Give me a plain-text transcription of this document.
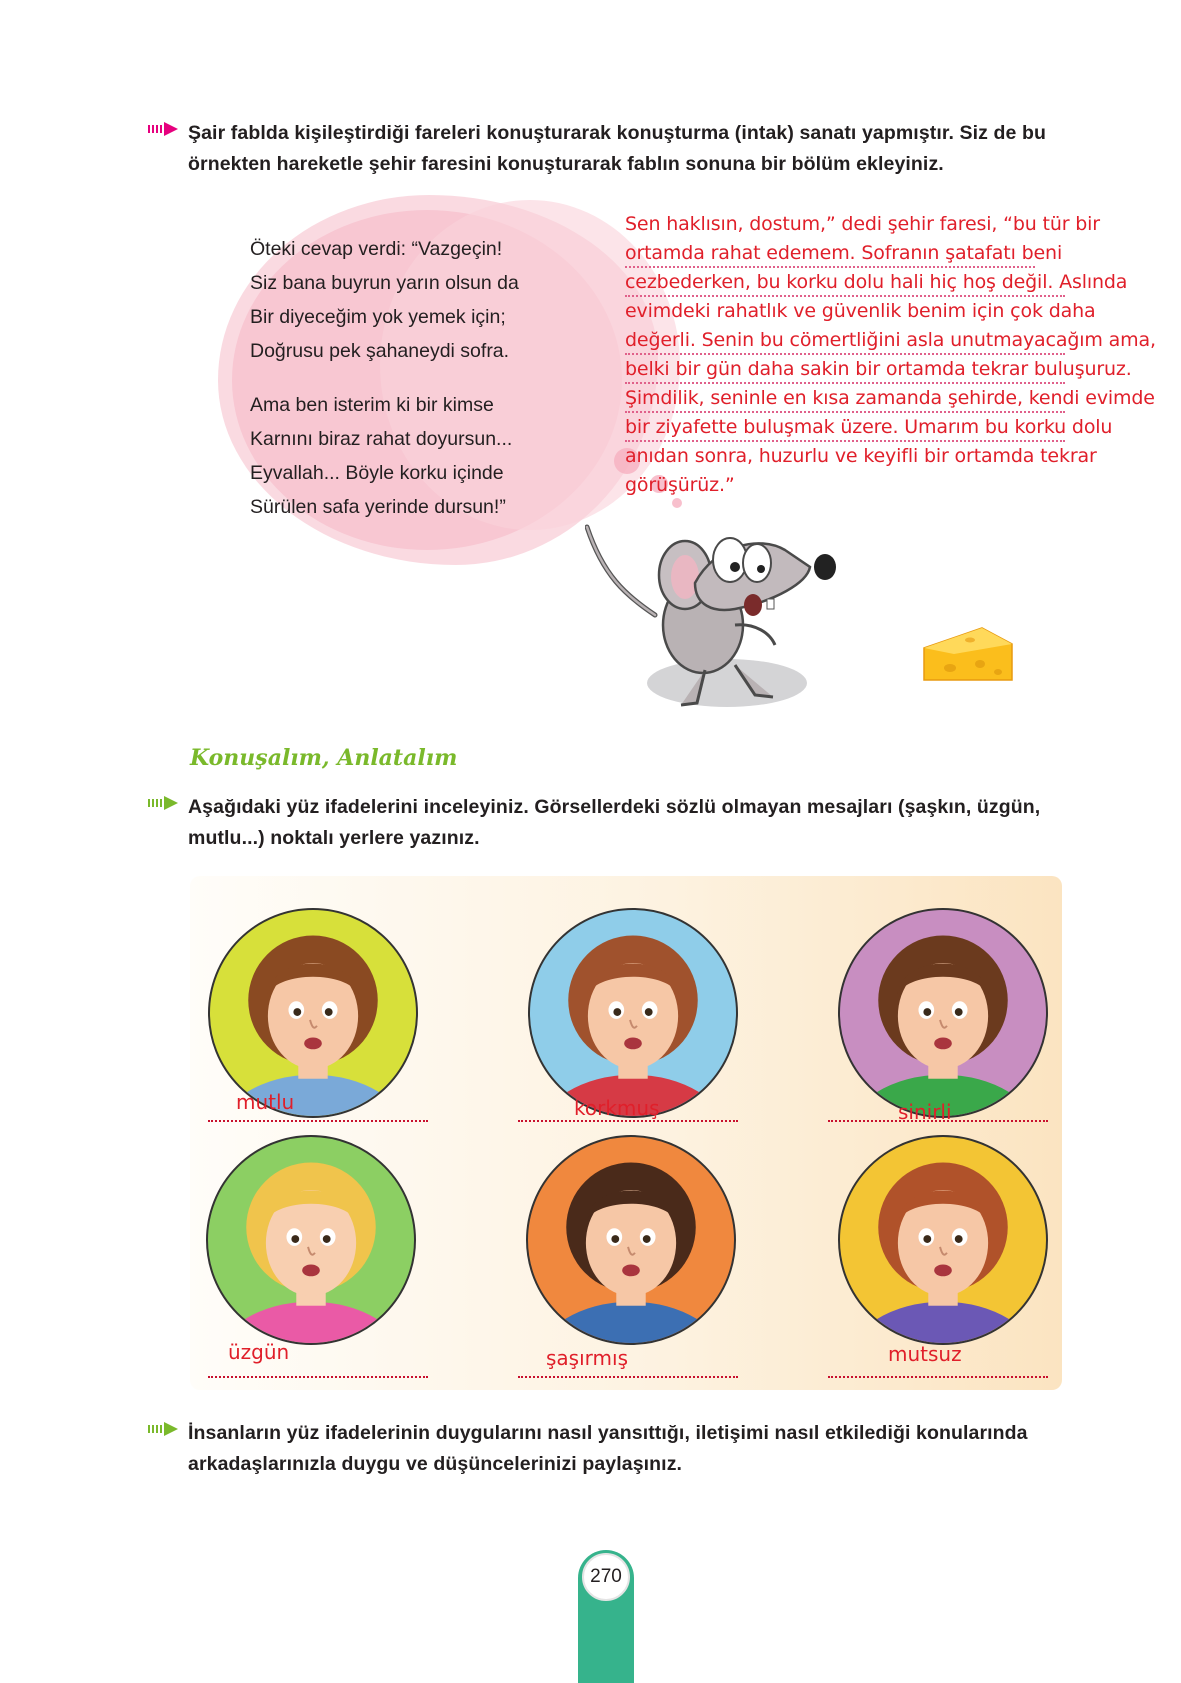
Şair fablda kişileştirdiği fareleri konuşturarak konuşturma (intak) sanatı yapmıştır. Siz de bu örnekten hareketle şehir faresini konuşturarak fablın sonuna bir bölüm ekleyiniz.

Öteki cevap verdi: “Vazgeçin!
Siz bana buyrun yarın olsun da
Bir diyeceğim yok yemek için;
Doğrusu pek şahaneydi sofra.
Ama ben isterim ki bir kimse
Karnını biraz rahat doyursun...
Eyvallah... Böyle korku içinde
Sürülen safa yerinde dursun!”
Sen haklısın, dostum,” dedi şehir faresi, “bu tür bir
ortamda rahat edemem. Sofranın şatafatı beni
cezbederken, bu korku dolu hali hiç hoş değil. Aslında
evimdeki rahatlık ve güvenlik benim için çok daha
değerli. Senin bu cömertliğini asla unutmayacağım ama,
belki bir gün daha sakin bir ortamda tekrar buluşuruz.
Şimdilik, seninle en kısa zamanda şehirde, kendi evimde
bir ziyafette buluşmak üzere. Umarım bu korku dolu
anıdan sonra, huzurlu ve keyifli bir ortamda tekrar
görüşürüz.”
Konuşalım, Anlatalım

Aşağıdaki yüz ifadelerini inceleyiniz. Görsellerdeki sözlü olmayan mesajları (şaşkın, üzgün, mutlu...) noktalı yerlere yazınız.

mutlu	korkmuş	sinirli
üzgün	şaşırmış	mutsuz

İnsanların yüz ifadelerinin duygularını nasıl yansıttığı, iletişimi nasıl etkilediği konularında arkadaşlarınızla duygu ve düşüncelerinizi paylaşınız.

270
